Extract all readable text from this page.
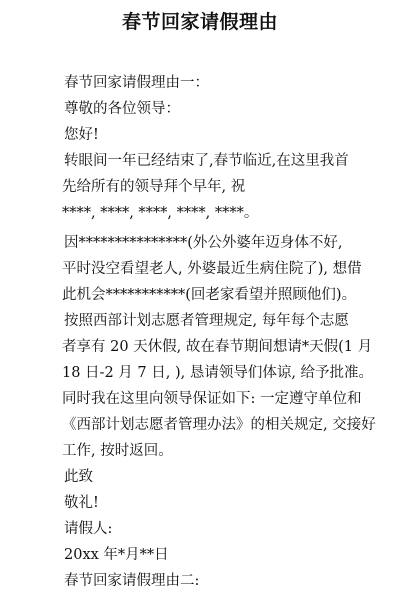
春节回家请假理由
春节回家请假理由一：
尊敬的各位领导：
您好!
转眼间一年已经结束了,春节临近,在这里我首
先给所有的领导拜个早年, 祝
****, ****, ****, ****, ****。
因***************(外公外婆年迈身体不好,
平时没空看望老人, 外婆最近生病住院了), 想借
此机会***********(回老家看望并照顾他们)。
按照西部计划志愿者管理规定, 每年每个志愿
者享有 20 天休假, 故在春节期间想请*天假(1 月
18 日-2 月 7 日, ), 恳请领导们体谅, 给予批准。
同时我在这里向领导保证如下: 一定遵守单位和
《西部计划志愿者管理办法》的相关规定, 交接好
工作, 按时返回。
此致
敬礼!
请假人:
20xx 年*月**日
春节回家请假理由二:
